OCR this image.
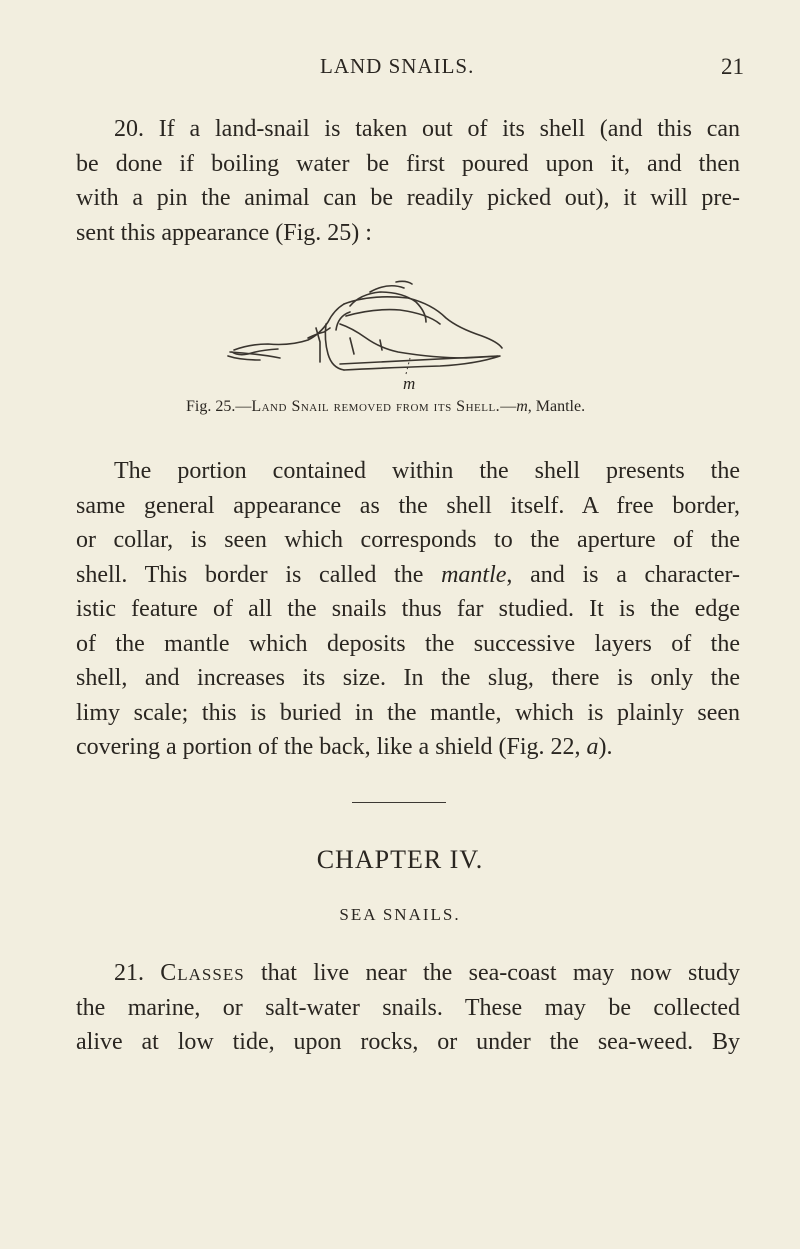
LAND SNAILS.	21
20. If a land-snail is taken out of its shell (and this can
be done if boiling water be first poured upon it, and then
with a pin the animal can be readily picked out), it will pre-
sent this appearance (Fig. 25) :
m
Fig. 25.—Land Snail removed from its Shell.—m, Mantle.
The portion contained within the shell presents the
same general appearance as the shell itself. A free border,
or collar, is seen which corresponds to the aperture of the
shell. This border is called the mantle, and is a character-
istic feature of all the snails thus far studied. It is the edge
of the mantle which deposits the successive layers of the
shell, and increases its size. In the slug, there is only the
limy scale; this is buried in the mantle, which is plainly seen
covering a portion of the back, like a shield (Fig. 22, a).
CHAPTER IV.
SEA SNAILS.
21. Classes that live near the sea-coast may now study
the marine, or salt-water snails. These may be collected
alive at low tide, upon rocks, or under the sea-weed. By
